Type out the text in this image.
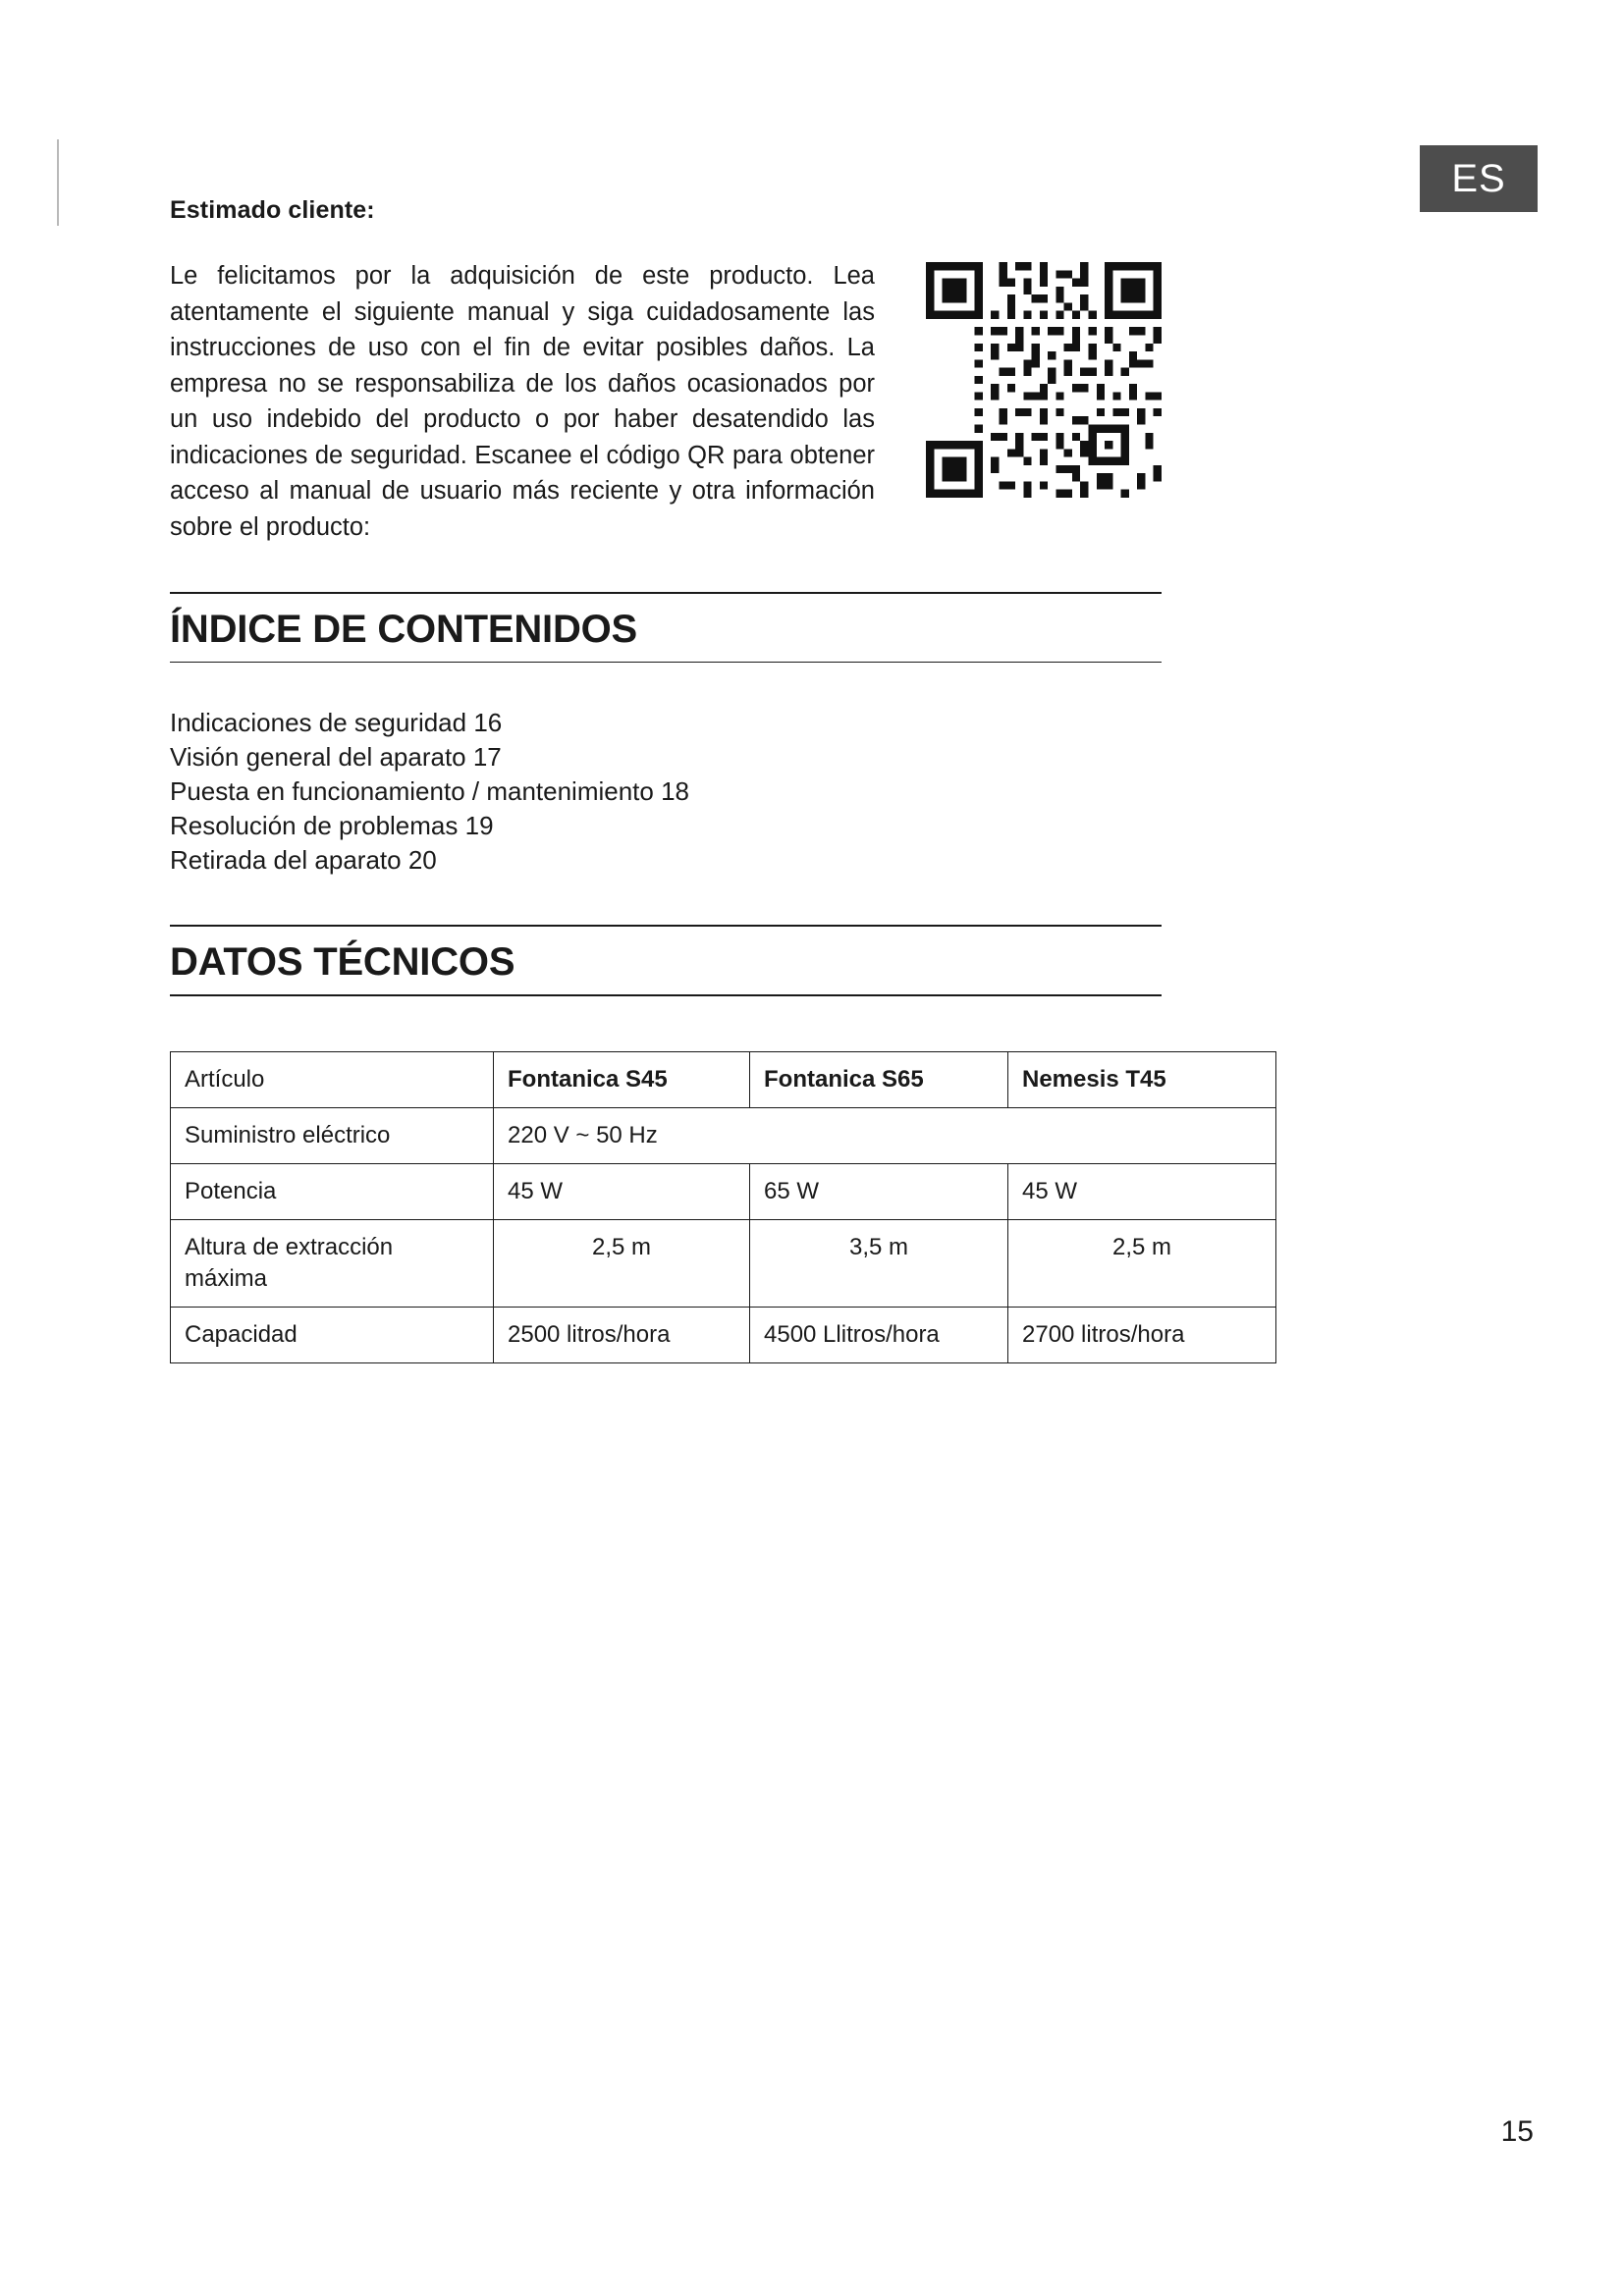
ES

Estimado cliente:

Le felicitamos por la adquisición de este producto. Lea atentamente el siguiente manual y siga cuidadosamente las instrucciones de uso con el fin de evitar posibles daños. La empresa no se responsabiliza de los daños ocasionados por un uso indebido del producto o por haber desatendido las indicaciones de seguridad. Escanee el código QR para obtener acceso al manual de usuario más reciente y otra información sobre el producto:

ÍNDICE DE CONTENIDOS
Indicaciones de seguridad 16
Visión general del aparato 17
Puesta en funcionamiento / mantenimiento 18
Resolución de problemas 19
Retirada del aparato 20
DATOS TÉCNICOS
Artículo	Fontanica S45	Fontanica S65	Nemesis T45
Suministro eléctrico	220 V ~ 50 Hz		
Potencia	45 W	65 W	45 W
Altura de extracción máxima	2,5 m	3,5 m	2,5 m
Capacidad	2500 litros/hora	4500 Llitros/hora	2700 litros/hora
15
